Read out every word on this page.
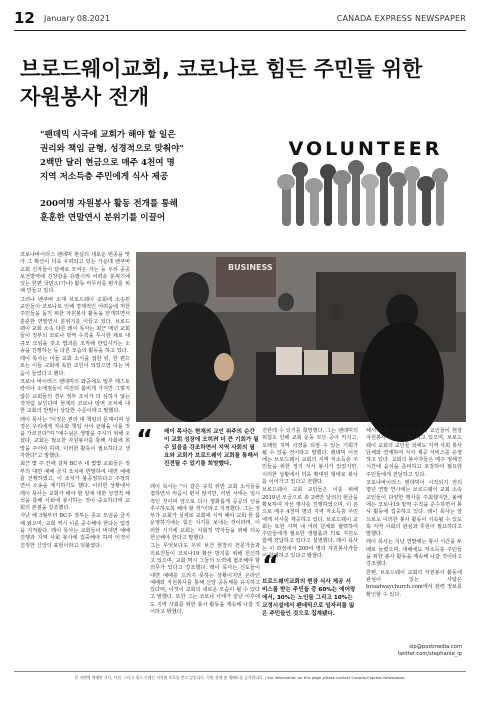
12 January 08.2021	CANADA EXPRESS NEWSPAPER
브로드웨이교회, 코로나로 힘든 주민들 위한
자원봉사 전개
"팬데믹 시국에 교회가 해야 할 일은
권리와 책임 균형, 성경적으로 맞춰야"
2백만 달러 현금으로 매주 4천여 명
지역 저소득층 주민에게 식사 제공
200여명 자원봉사 활동 전개를 통해
훈훈한 연말연시 분위기를 이끌어
VOLUNTEER

코로나바이러스 팬데믹 현실의 새로운 변종을 맞아 그 확산이 더욱 우려되고 있는 가운데 밴쿠버 교회 신자들이 단체로 모여든 자는 등 우리 공공 보건방역에 긴장감을 유발시켜 어려운 분위기에 있는 한편 국민소(가나) 활동 마무리를 뭔가를 위해 만들고 있다.

그러나 밴쿠버 소재 브로드웨이 교회에 소속된 교인들이 코로나로 인해 경제적인 어려움에 처한 주민들을 돕기 위한 자원봉사 활동을 전개하면서 훈훈한 연말연시 분위기를 이끌고 있다. 브로드웨이 교회 소속 다른 레이 목사는 최근 매년 교회 들이 정부의 코로나 방역 수칙을 무시한 채로 대규모 모임을 갖고 법과를 조직해 반입시키는 소송을 진행하는 등 다른 모습의 활동을 하고 있다.

레이 목사는 이들 교회 소식을 접한 뒤, 한 편으로는 이들 교회에 속한 교인이 되었으면 하는 마음이 들었다고 했다.

코로나 바이러스 팬데믹의 와중에도 밀루 레스토랑이나 소매점들이 여전히 붐비게 가지만 그렇지 않은 교회들의 경우 정부 조치가 더 심하지 않는 것처럼 보인다며 현재의 코로나 방역 조치에 대한 교회의 반발이 상당한 수준이라고 말했다.

레이 목사는 "이것은 권리 대 책임의 문제이며 성경은 우리에게 자유와 책임 사이 균형을 이룰 것을 가르친다"며 "예수님은 생명을 주시기 위해 오셨다, 교회는 필요한 자원봉사를 통해 사회에 희망을 주어야 하며, 이러한 활동이 필요하다고 생각한다"고 말했다.

최근 몇 주 간에 걸쳐 BC주 내 몇몇 교회들은 정부의 대면 예배 금지 조치에 반발하여 대면 예배를 진행하였고, 이 조치가 불공정하다고 주장하면서 소송을 제기하기도 했다. 이러한 상황에서 레이 목사는 교회가 해야 할 일에 대한 성경적 해석을 통해 사회에 봉사하는 것이 중요하다며 교회의 본질을 강조했다.

지난 해 3월부터 BC주 정부는 종교 모임을 금지해 왔으며, 교회 역시 이를 준수해야 한다는 입장을 지켜왔다. 레이 목사는 교회들이 비대면 예배 진행과 지역 사회 봉사에 집중해야 하며 이것이 진정한 신앙의 표현이라고 덧붙였다.

BUSINESS
“ 레이 목사는 현재의 교인 위주의 순간이 교회 성장에 오히려 더 큰 기회가 될 수 있음을 강조하면서 지역 사회의 필요와 교회가 브로드웨이 교회를 통해서 진전될 수 있기를 희망했다.

레이 목사는 "이 같은 규칙 위반 교회 소식들을 접하면서 마음이 편치 않지만, 이번 사태는 일시적인 것이며 앞으로 다시 평화롭게 공공의 선을 추구하도록 해야 할 것"이라고 지적했다. 그는 정부가 교회가 실제로 교회에 지켜 해야 교회 한 몸 운영하기에는 힘든 시기를 보내는 것이라며, 이러한 시기에 교회는 사회적 약자들을 위해 더욱 헌신해야 한다고 말했다.

그는 무엇보다도 우리 보건 현장의 전문가들과 의료진들이 코로나19 확산 방지를 위해 헌신하고 있으며, 교회 역시 그들의 노력에 협조해야 할 의무가 있다고 강조했다. 레이 목사는 신도들이 대면 예배를 드리지 못하는 상황이지만 온라인 예배와 자원봉사를 통해 신앙 공동체를 유지하고 있다며, 이것이 교회의 새로운 모습이 될 수 있다고 말했다. 또한 그는 코로나 사태가 끝난 이후에도 지역 사회를 위한 봉사 활동을 계속해 나갈 것이라고 밝혔다.

진한테 수 있기를 희망했다. 그는 팬데믹의 위험도 인해 교회 운동 모든 공이 커지고, 오래된 지역 사정을 되짚 수 있는 기회가 될 수 있을 것이라고 말했다. 팬데믹 이전에는 브로드웨이 교회의 지역 저소득층 주민들을 위한 정기 식사 봉사가 있었지만, 이러한 상황에서 더욱 확대된 형태로 봉사를 이어가고 있다고 전했다.

브로드웨이 교회 교인들은 이를 위해 2019년 모금으로 총 2백만 달러의 현금을 확보하여 자선 행사를 진행하였으며, 이 돈으로 매주 4천여 명의 지역 저소득층 주민에게 식사를 제공하고 있다. 브로드웨이 교회는 또한 지역 내 여러 단체와 협력하여 주민들에게 필요한 생필품과 의료 지원도 함께 전달하고 있다고 설명했다. 레이 목사는 이 과정에서 200여 명의 자원봉사자들이 함께하고 있다고 밝혔다.

“
브로드웨이교회의 현장 식사 제공 서비스를 받는 주민들 중 60%는 에어랑에서, 30%는 노인들 그리고 10%는 교정시설에서 팬데믹으로 일자리를 잃은 주민들인 것으로 집계됐다.

해서 교회 소속 2백여 명의 교인들이 현장 자원봉사 활동에 참여하고 있으며, 브로드웨이 교회의 교인들 외에도 지역 사회 봉사 단체와 연계하여 식사 제공 서비스를 운영하고 있다. 교회의 봉사자들은 매주 정해진 시간에 음식을 준비하고 포장하여 필요한 주민들에게 전달하고 있다.

코로나바이러스 팬데믹이 시작되기 전의 평년 연말 연시에는 브로드웨이 교회 소속 교인들이 다양한 행사를 주최했지만, 올해에는 코로나19 방역 수칙을 준수하면서 봉사 활동에 집중하고 있다. 레이 목사는 앞으로도 이러한 봉사 활동이 지속될 수 있도록 지역 사회의 관심과 후원이 필요하다고 말했다.

레이 목사는 지난 연말에는 봉사 시간을 두 배로 늘렸으며, 새해에도 저소득층 주민들을 위한 봉사 활동을 계속해 나갈 것이라고 강조했다.

한편, 브로드웨이 교회의 자원봉사 활동에 관심이 있는 사람은 broadwaychurch.com에서 관련 정보를 확인할 수 있다.

sip@postmedia.com
twitter.com/stephanie_ip
본 지면에 게재된 기사, 사진, 그리고 광고 등에는 저작권 보호를 받고 있습니다. 무단 전재 및 재배포를 금지합니다. / For information on this page please contact Canada Express Newspaper.
